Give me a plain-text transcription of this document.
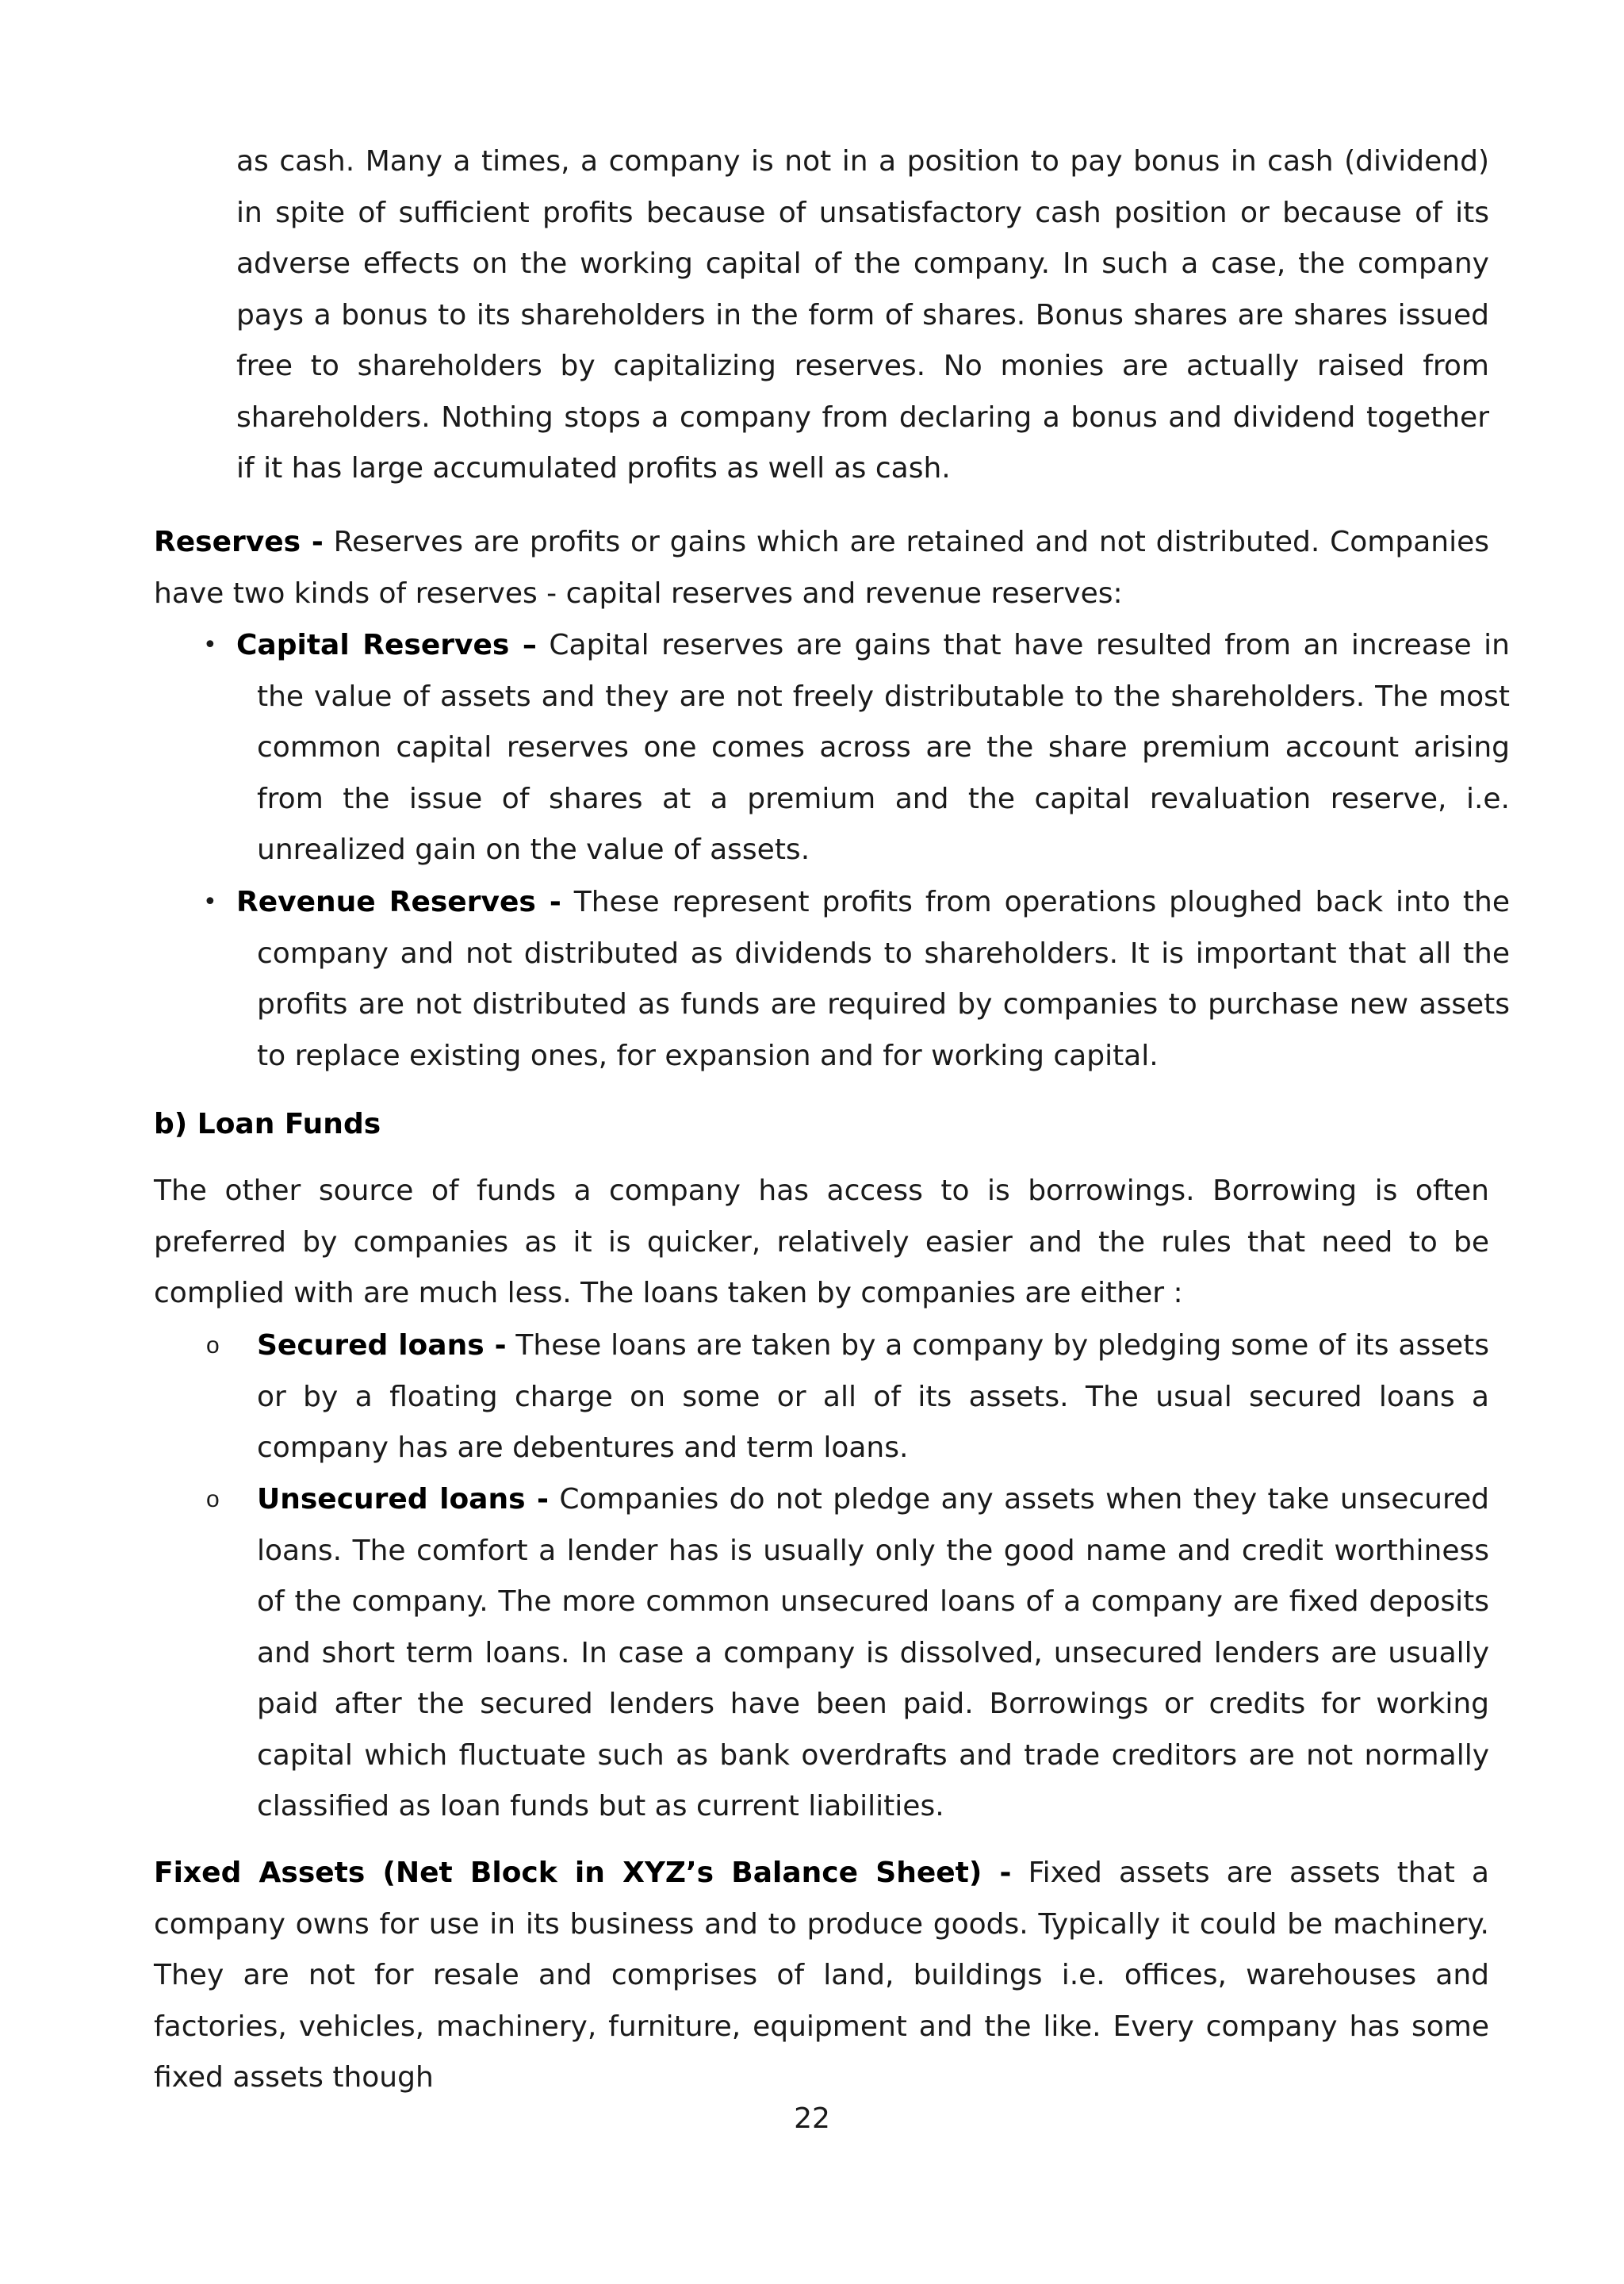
as cash. Many a times, a company is not in a position to pay bonus in cash (dividend) in spite of sufficient profits because of unsatisfactory cash position or because of its adverse effects on the working capital of the company. In such a case, the company pays a bonus to its shareholders in the form of shares. Bonus shares are shares issued free to shareholders by capitalizing reserves. No monies are actually raised from shareholders. Nothing stops a company from declaring a bonus and dividend together if it has large accumulated profits as well as cash.

Reserves - Reserves are profits or gains which are retained and not distributed. Companies have two kinds of reserves - capital reserves and revenue reserves:

• Capital Reserves – Capital reserves are gains that have resulted from an increase in the value of assets and they are not freely distributable to the shareholders. The most common capital reserves one comes across are the share premium account arising from the issue of shares at a premium and the capital revaluation reserve, i.e. unrealized gain on the value of assets.

• Revenue Reserves - These represent profits from operations ploughed back into the company and not distributed as dividends to shareholders. It is important that all the profits are not distributed as funds are required by companies to purchase new assets to replace existing ones, for expansion and for working capital.

b) Loan Funds

The other source of funds a company has access to is borrowings. Borrowing is often preferred by companies as it is quicker, relatively easier and the rules that need to be complied with are much less. The loans taken by companies are either :

o Secured loans - These loans are taken by a company by pledging some of its assets or by a floating charge on some or all of its assets. The usual secured loans a company has are debentures and term loans.

o Unsecured loans - Companies do not pledge any assets when they take unsecured loans. The comfort a lender has is usually only the good name and credit worthiness of the company. The more common unsecured loans of a company are fixed deposits and short term loans. In case a company is dissolved, unsecured lenders are usually paid after the secured lenders have been paid. Borrowings or credits for working capital which fluctuate such as bank overdrafts and trade creditors are not normally classified as loan funds but as current liabilities.

Fixed Assets (Net Block in XYZ’s Balance Sheet) - Fixed assets are assets that a company owns for use in its business and to produce goods. Typically it could be machinery. They are not for resale and comprises of land, buildings i.e. offices, warehouses and factories, vehicles, machinery, furniture, equipment and the like. Every company has some fixed assets though

22
